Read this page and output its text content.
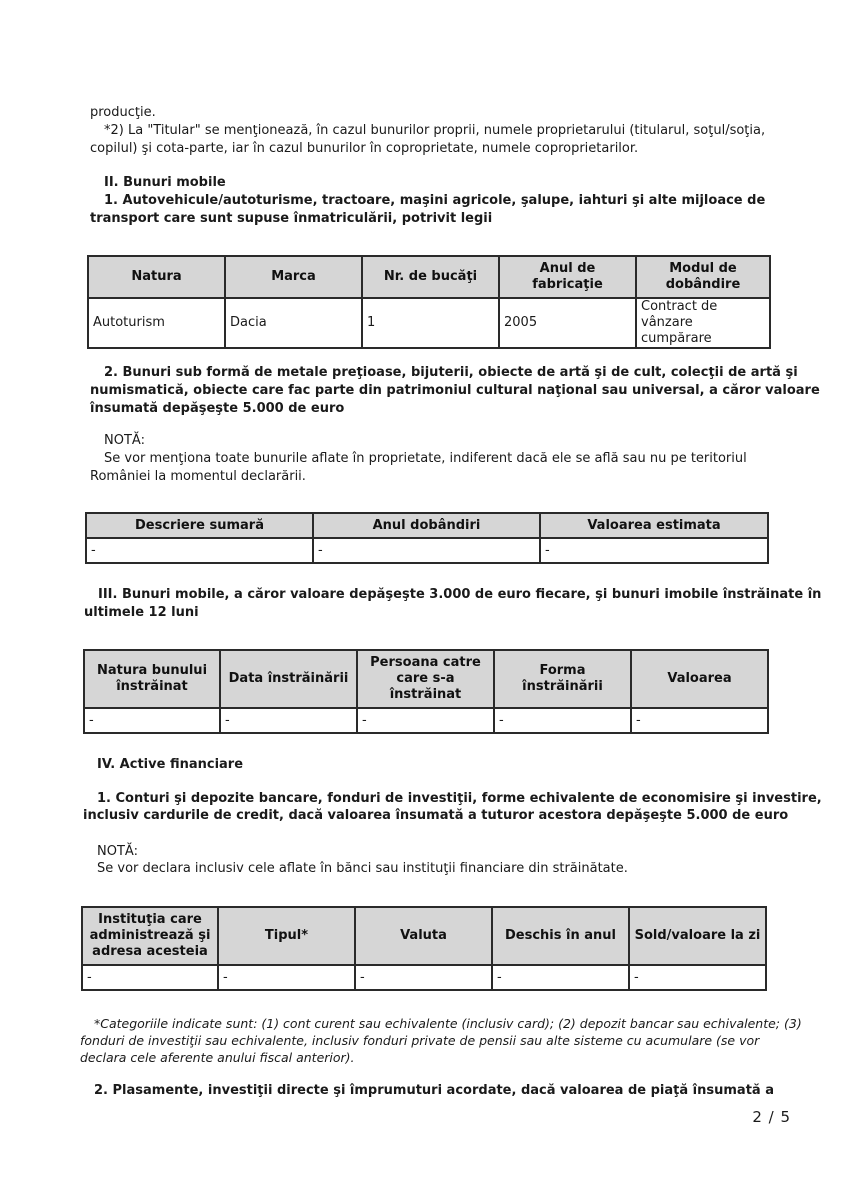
producţie.
*2) La "Titular" se menţionează, în cazul bunurilor proprii, numele proprietarului (titularul, soţul/soţia,
copilul) şi cota-parte, iar în cazul bunurilor în coproprietate, numele coproprietarilor.
II. Bunuri mobile
1. Autovehicule/autoturisme, tractoare, maşini agricole, şalupe, iahturi şi alte mijloace de
transport care sunt supuse înmatriculării, potrivit legii
Natura	Marca	Nr. de bucăţi	Anul de fabricaţie	Modul de dobândire
Autoturism	Dacia	1	2005	Contract de vânzare cumpărare
2. Bunuri sub formă de metale preţioase, bijuterii, obiecte de artă şi de cult, colecţii de artă şi
numismatică, obiecte care fac parte din patrimoniul cultural naţional sau universal, a căror valoare
însumată depăşeşte 5.000 de euro
NOTĂ:
Se vor menţiona toate bunurile aflate în proprietate, indiferent dacă ele se află sau nu pe teritoriul
României la momentul declarării.
Descriere sumară	Anul dobândiri	Valoarea estimata
-	-	-
III. Bunuri mobile, a căror valoare depăşeşte 3.000 de euro fiecare, şi bunuri imobile înstrăinate în
ultimele 12 luni
Natura bunului înstrăinat	Data înstrăinării	Persoana catre care s-a înstrăinat	Forma înstrăinării	Valoarea
-	-	-	-	-
IV. Active financiare
1. Conturi şi depozite bancare, fonduri de investiţii, forme echivalente de economisire şi investire,
inclusiv cardurile de credit, dacă valoarea însumată a tuturor acestora depăşeşte 5.000 de euro
NOTĂ:
Se vor declara inclusiv cele aflate în bănci sau instituţii financiare din străinătate.
Instituţia care administrează şi adresa acesteia	Tipul*	Valuta	Deschis în anul	Sold/valoare la zi
-	-	-	-	-
*Categoriile indicate sunt: (1) cont curent sau echivalente (inclusiv card); (2) depozit bancar sau echivalente; (3)
fonduri de investiţii sau echivalente, inclusiv fonduri private de pensii sau alte sisteme cu acumulare (se vor
declara cele aferente anului fiscal anterior).
2. Plasamente, investiţii directe şi împrumuturi acordate, dacă valoarea de piaţă însumată a
2 / 5
